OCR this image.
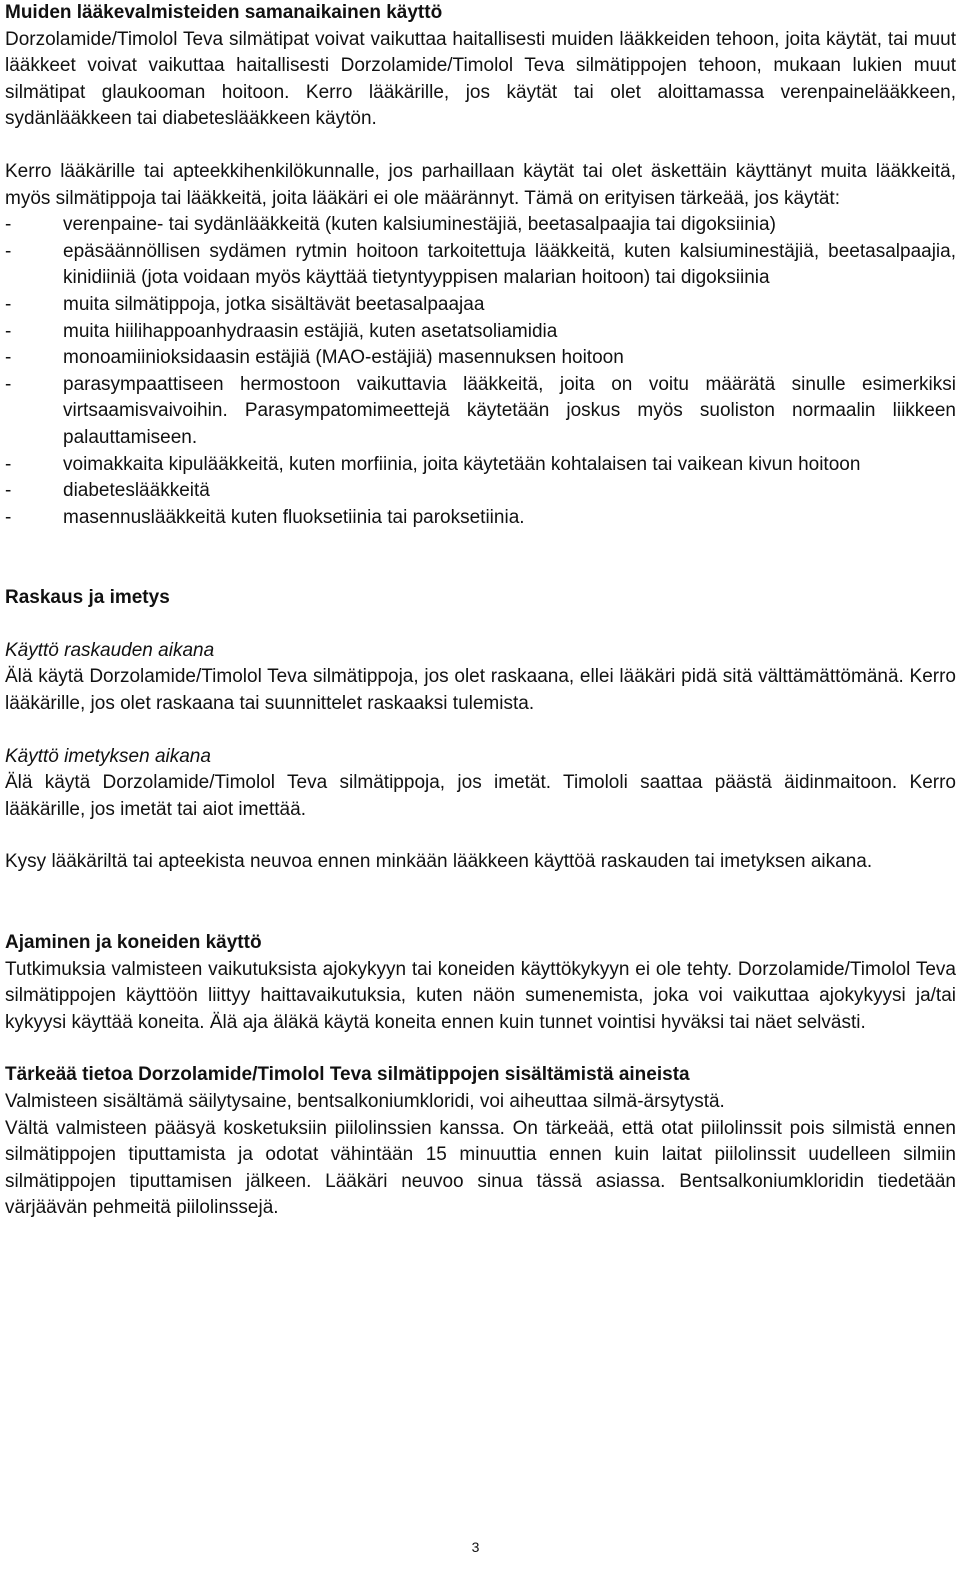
Muiden lääkevalmisteiden samanaikainen käyttö

Dorzolamide/Timolol Teva silmätipat voivat vaikuttaa haitallisesti muiden lääkkeiden tehoon, joita käytät, tai muut lääkkeet voivat vaikuttaa haitallisesti Dorzolamide/Timolol Teva silmätippojen tehoon, mukaan lukien muut silmätipat glaukooman hoitoon. Kerro lääkärille, jos käytät tai olet aloittamassa verenpainelääkkeen, sydänlääkkeen tai diabeteslääkkeen käytön.

Kerro lääkärille tai apteekkihenkilökunnalle, jos parhaillaan käytät tai olet äskettäin käyttänyt muita lääkkeitä, myös silmätippoja tai lääkkeitä, joita lääkäri ei ole määrännyt. Tämä on erityisen tärkeää, jos käytät:

-	verenpaine- tai sydänlääkkeitä (kuten kalsiuminestäjiä, beetasalpaajia tai digoksiinia)
-	epäsäännöllisen sydämen rytmin hoitoon tarkoitettuja lääkkeitä, kuten kalsiuminestäjiä, beetasalpaajia, kinidiiniä (jota voidaan myös käyttää tietyntyyppisen malarian hoitoon) tai digoksiinia
-	muita silmätippoja, jotka sisältävät beetasalpaajaa
-	muita hiilihappoanhydraasin estäjiä, kuten asetatsoliamidia
-	monoamiinioksidaasin estäjiä (MAO-estäjiä) masennuksen hoitoon
-	parasympaattiseen hermostoon vaikuttavia lääkkeitä, joita on voitu määrätä sinulle esimerkiksi virtsaamisvaivoihin. Parasympatomimeettejä käytetään joskus myös suoliston normaalin liikkeen palauttamiseen.
-	voimakkaita kipulääkkeitä, kuten morfiinia, joita käytetään kohtalaisen tai vaikean kivun hoitoon
-	diabeteslääkkeitä
-	masennuslääkkeitä kuten fluoksetiinia tai paroksetiinia.

Raskaus ja imetys

Käyttö raskauden aikana

Älä käytä Dorzolamide/Timolol Teva silmätippoja, jos olet raskaana, ellei lääkäri pidä sitä välttämättömänä. Kerro lääkärille, jos olet raskaana tai suunnittelet raskaaksi tulemista.

Käyttö imetyksen aikana

Älä käytä Dorzolamide/Timolol Teva silmätippoja, jos imetät. Timololi saattaa päästä äidinmaitoon. Kerro lääkärille, jos imetät tai aiot imettää.

Kysy lääkäriltä tai apteekista neuvoa ennen minkään lääkkeen käyttöä raskauden tai imetyksen aikana.

Ajaminen ja koneiden käyttö

Tutkimuksia valmisteen vaikutuksista ajokykyyn tai koneiden käyttökykyyn ei ole tehty. Dorzolamide/Timolol Teva silmätippojen käyttöön liittyy haittavaikutuksia, kuten näön sumenemista, joka voi vaikuttaa ajokykyysi ja/tai kykyysi käyttää koneita. Älä aja äläkä käytä koneita ennen kuin tunnet vointisi hyväksi tai näet selvästi.

Tärkeää tietoa Dorzolamide/Timolol Teva silmätippojen sisältämistä aineista

Valmisteen sisältämä säilytysaine, bentsalkoniumkloridi, voi aiheuttaa silmä-ärsytystä.

Vältä valmisteen pääsyä kosketuksiin piilolinssien kanssa. On tärkeää, että otat piilolinssit pois silmistä ennen silmätippojen tiputtamista ja odotat vähintään 15 minuuttia ennen kuin laitat piilolinssit uudelleen silmiin silmätippojen tiputtamisen jälkeen. Lääkäri neuvoo sinua tässä asiassa. Bentsalkoniumkloridin tiedetään värjäävän pehmeitä piilolinssejä.

3
